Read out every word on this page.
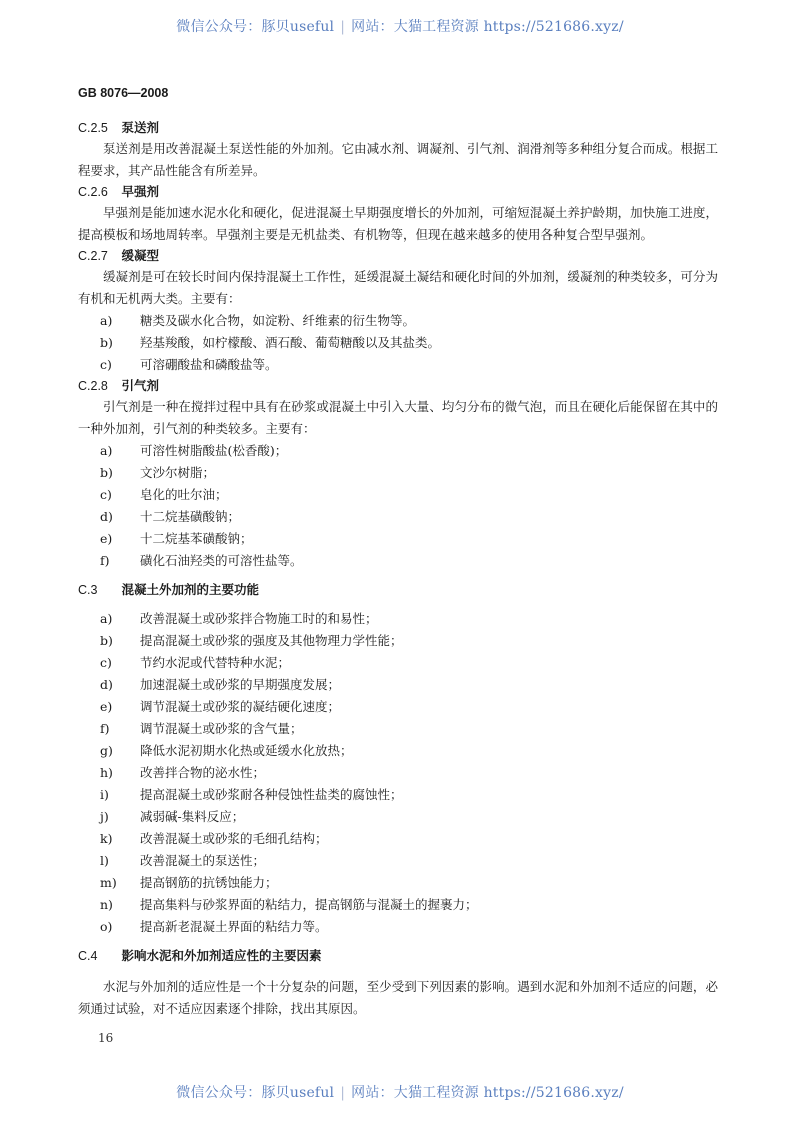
微信公众号：豚贝useful | 网站：大猫工程资源 https://521686.xyz/
GB 8076—2008
C.2.5 泵送剂
泵送剂是用改善混凝土泵送性能的外加剂。它由减水剂、调凝剂、引气剂、润滑剂等多种组分复合而成。根据工程要求，其产品性能含有所差异。
C.2.6 早强剂
早强剂是能加速水泥水化和硬化，促进混凝土早期强度增长的外加剂，可缩短混凝土养护龄期，加快施工进度，提高模板和场地周转率。早强剂主要是无机盐类、有机物等，但现在越来越多的使用各种复合型早强剂。
C.2.7 缓凝型
缓凝剂是可在较长时间内保持混凝土工作性，延缓混凝土凝结和硬化时间的外加剂，缓凝剂的种类较多，可分为有机和无机两大类。主要有：
a) 糖类及碳水化合物，如淀粉、纤维素的衍生物等。
b) 羟基羧酸，如柠檬酸、酒石酸、葡萄糖酸以及其盐类。
c) 可溶硼酸盐和磷酸盐等。
C.2.8 引气剂
引气剂是一种在搅拌过程中具有在砂浆或混凝土中引入大量、均匀分布的微气泡，而且在硬化后能保留在其中的一种外加剂，引气剂的种类较多。主要有：
a) 可溶性树脂酸盐(松香酸)；
b) 文沙尔树脂；
c) 皂化的吐尔油；
d) 十二烷基磺酸钠；
e) 十二烷基苯磺酸钠；
f) 磺化石油羟类的可溶性盐等。
C.3 混凝土外加剂的主要功能
a) 改善混凝土或砂浆拌合物施工时的和易性；
b) 提高混凝土或砂浆的强度及其他物理力学性能；
c) 节约水泥或代替特种水泥；
d) 加速混凝土或砂浆的早期强度发展；
e) 调节混凝土或砂浆的凝结硬化速度；
f) 调节混凝土或砂浆的含气量；
g) 降低水泥初期水化热或延缓水化放热；
h) 改善拌合物的泌水性；
i) 提高混凝土或砂浆耐各种侵蚀性盐类的腐蚀性；
j) 减弱碱-集料反应；
k) 改善混凝土或砂浆的毛细孔结构；
l) 改善混凝土的泵送性；
m) 提高钢筋的抗锈蚀能力；
n) 提高集料与砂浆界面的粘结力，提高钢筋与混凝土的握裹力；
o) 提高新老混凝土界面的粘结力等。
C.4 影响水泥和外加剂适应性的主要因素
水泥与外加剂的适应性是一个十分复杂的问题，至少受到下列因素的影响。遇到水泥和外加剂不适应的问题，必须通过试验，对不适应因素逐个排除，找出其原因。
16
微信公众号：豚贝useful | 网站：大猫工程资源 https://521686.xyz/
